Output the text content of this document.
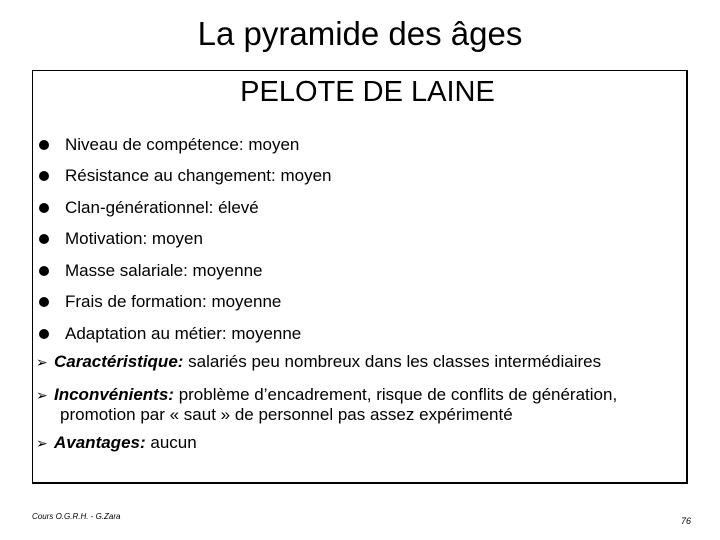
La pyramide des âges
PELOTE DE LAINE
Niveau de compétence: moyen
Résistance au changement: moyen
Clan-générationnel: élevé
Motivation: moyen
Masse salariale: moyenne
Frais de formation: moyenne
Adaptation au métier: moyenne
➢ Caractéristique: salariés peu nombreux dans les classes intermédiaires
➢ Inconvénients: problème d’encadrement, risque de conflits de génération,
promotion par « saut » de personnel pas assez expérimenté
➢ Avantages: aucun
Cours O.G.R.H. - G.Zara	76
